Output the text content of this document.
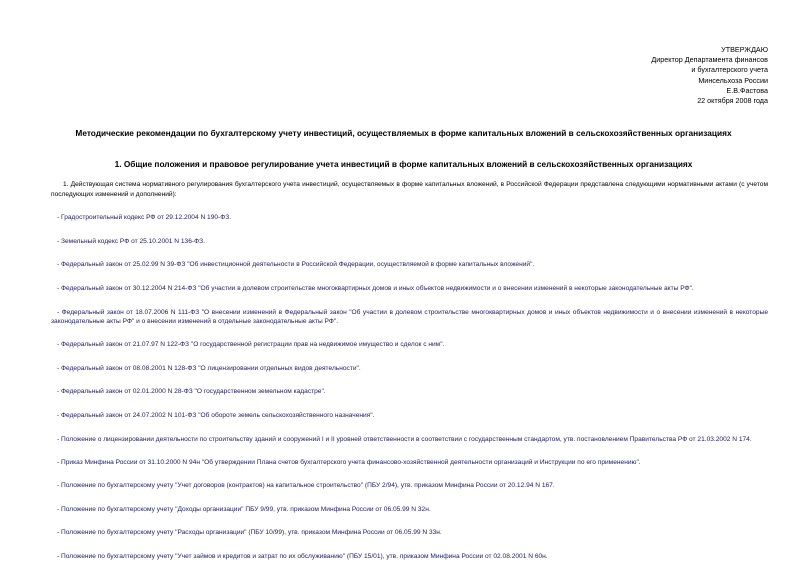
УТВЕРЖДАЮ
Директор Департамента финансов
и бухгалтерского учета
Минсельхоза России
Е.В.Фастова
22 октября 2008 года
Методические рекомендации по бухгалтерскому учету инвестиций, осуществляемых в форме капитальных вложений в сельскохозяйственных организациях
1. Общие положения и правовое регулирование учета инвестиций в форме капитальных вложений в сельскохозяйственных организациях

1. Действующая система нормативного регулирования бухгалтерского учета инвестиций, осуществляемых в форме капитальных вложений, в Российской Федерации представлена следующими нормативными актами (с учетом последующих изменений и дополнений):

- Градостроительный кодекс РФ от 29.12.2004 N 190-ФЗ.

- Земельный кодекс РФ от 25.10.2001 N 136-ФЗ.

- Федеральный закон от 25.02.99 N 39-ФЗ "Об инвестиционной деятельности в Российской Федерации, осуществляемой в форме капитальных вложений".

- Федеральный закон от 30.12.2004 N 214-ФЗ "Об участии в долевом строительстве многоквартирных домов и иных объектов недвижимости и о внесении изменений в некоторые законодательные акты РФ".

- Федеральный закон от 18.07.2006 N 111-ФЗ "О внесении изменений в Федеральный закон "Об участии в долевом строительстве многоквартирных домов и иных объектов недвижимости и о внесении изменений в некоторые законодательные акты РФ" и о внесении изменений в отдельные законодательные акты РФ".

- Федеральный закон от 21.07.97 N 122-ФЗ "О государственной регистрации прав на недвижимое имущество и сделок с ним".

- Федеральный закон от 08.08.2001 N 128-ФЗ "О лицензировании отдельных видов деятельности".

- Федеральный закон от 02.01.2000 N 28-ФЗ "О государственном земельном кадастре".

- Федеральный закон от 24.07.2002 N 101-ФЗ "Об обороте земель сельскохозяйственного назначения".

- Положение о лицензировании деятельности по строительству зданий и сооружений I и II уровней ответственности в соответствии с государственным стандартом, утв. постановлением Правительства РФ от 21.03.2002 N 174.

- Приказ Минфина России от 31.10.2000 N 94н "Об утверждении Плана счетов бухгалтерского учета финансово-хозяйственной деятельности организаций и Инструкции по его применению".

- Положение по бухгалтерскому учету "Учет договоров (контрактов) на капитальное строительство" (ПБУ 2/94), утв. приказом Минфина России от 20.12.94 N 167.

- Положение по бухгалтерскому учету "Доходы организации" ПБУ 9/99, утв. приказом Минфина России от 06.05.99 N 32н.

- Положение по бухгалтерскому учету "Расходы организации" (ПБУ 10/99), утв. приказом Минфина России от 06.05.99 N 33н.

- Положение по бухгалтерскому учету "Учет займов и кредитов и затрат по их обслуживанию" (ПБУ 15/01), утв. приказом Минфина России от 02.08.2001 N 60н.
